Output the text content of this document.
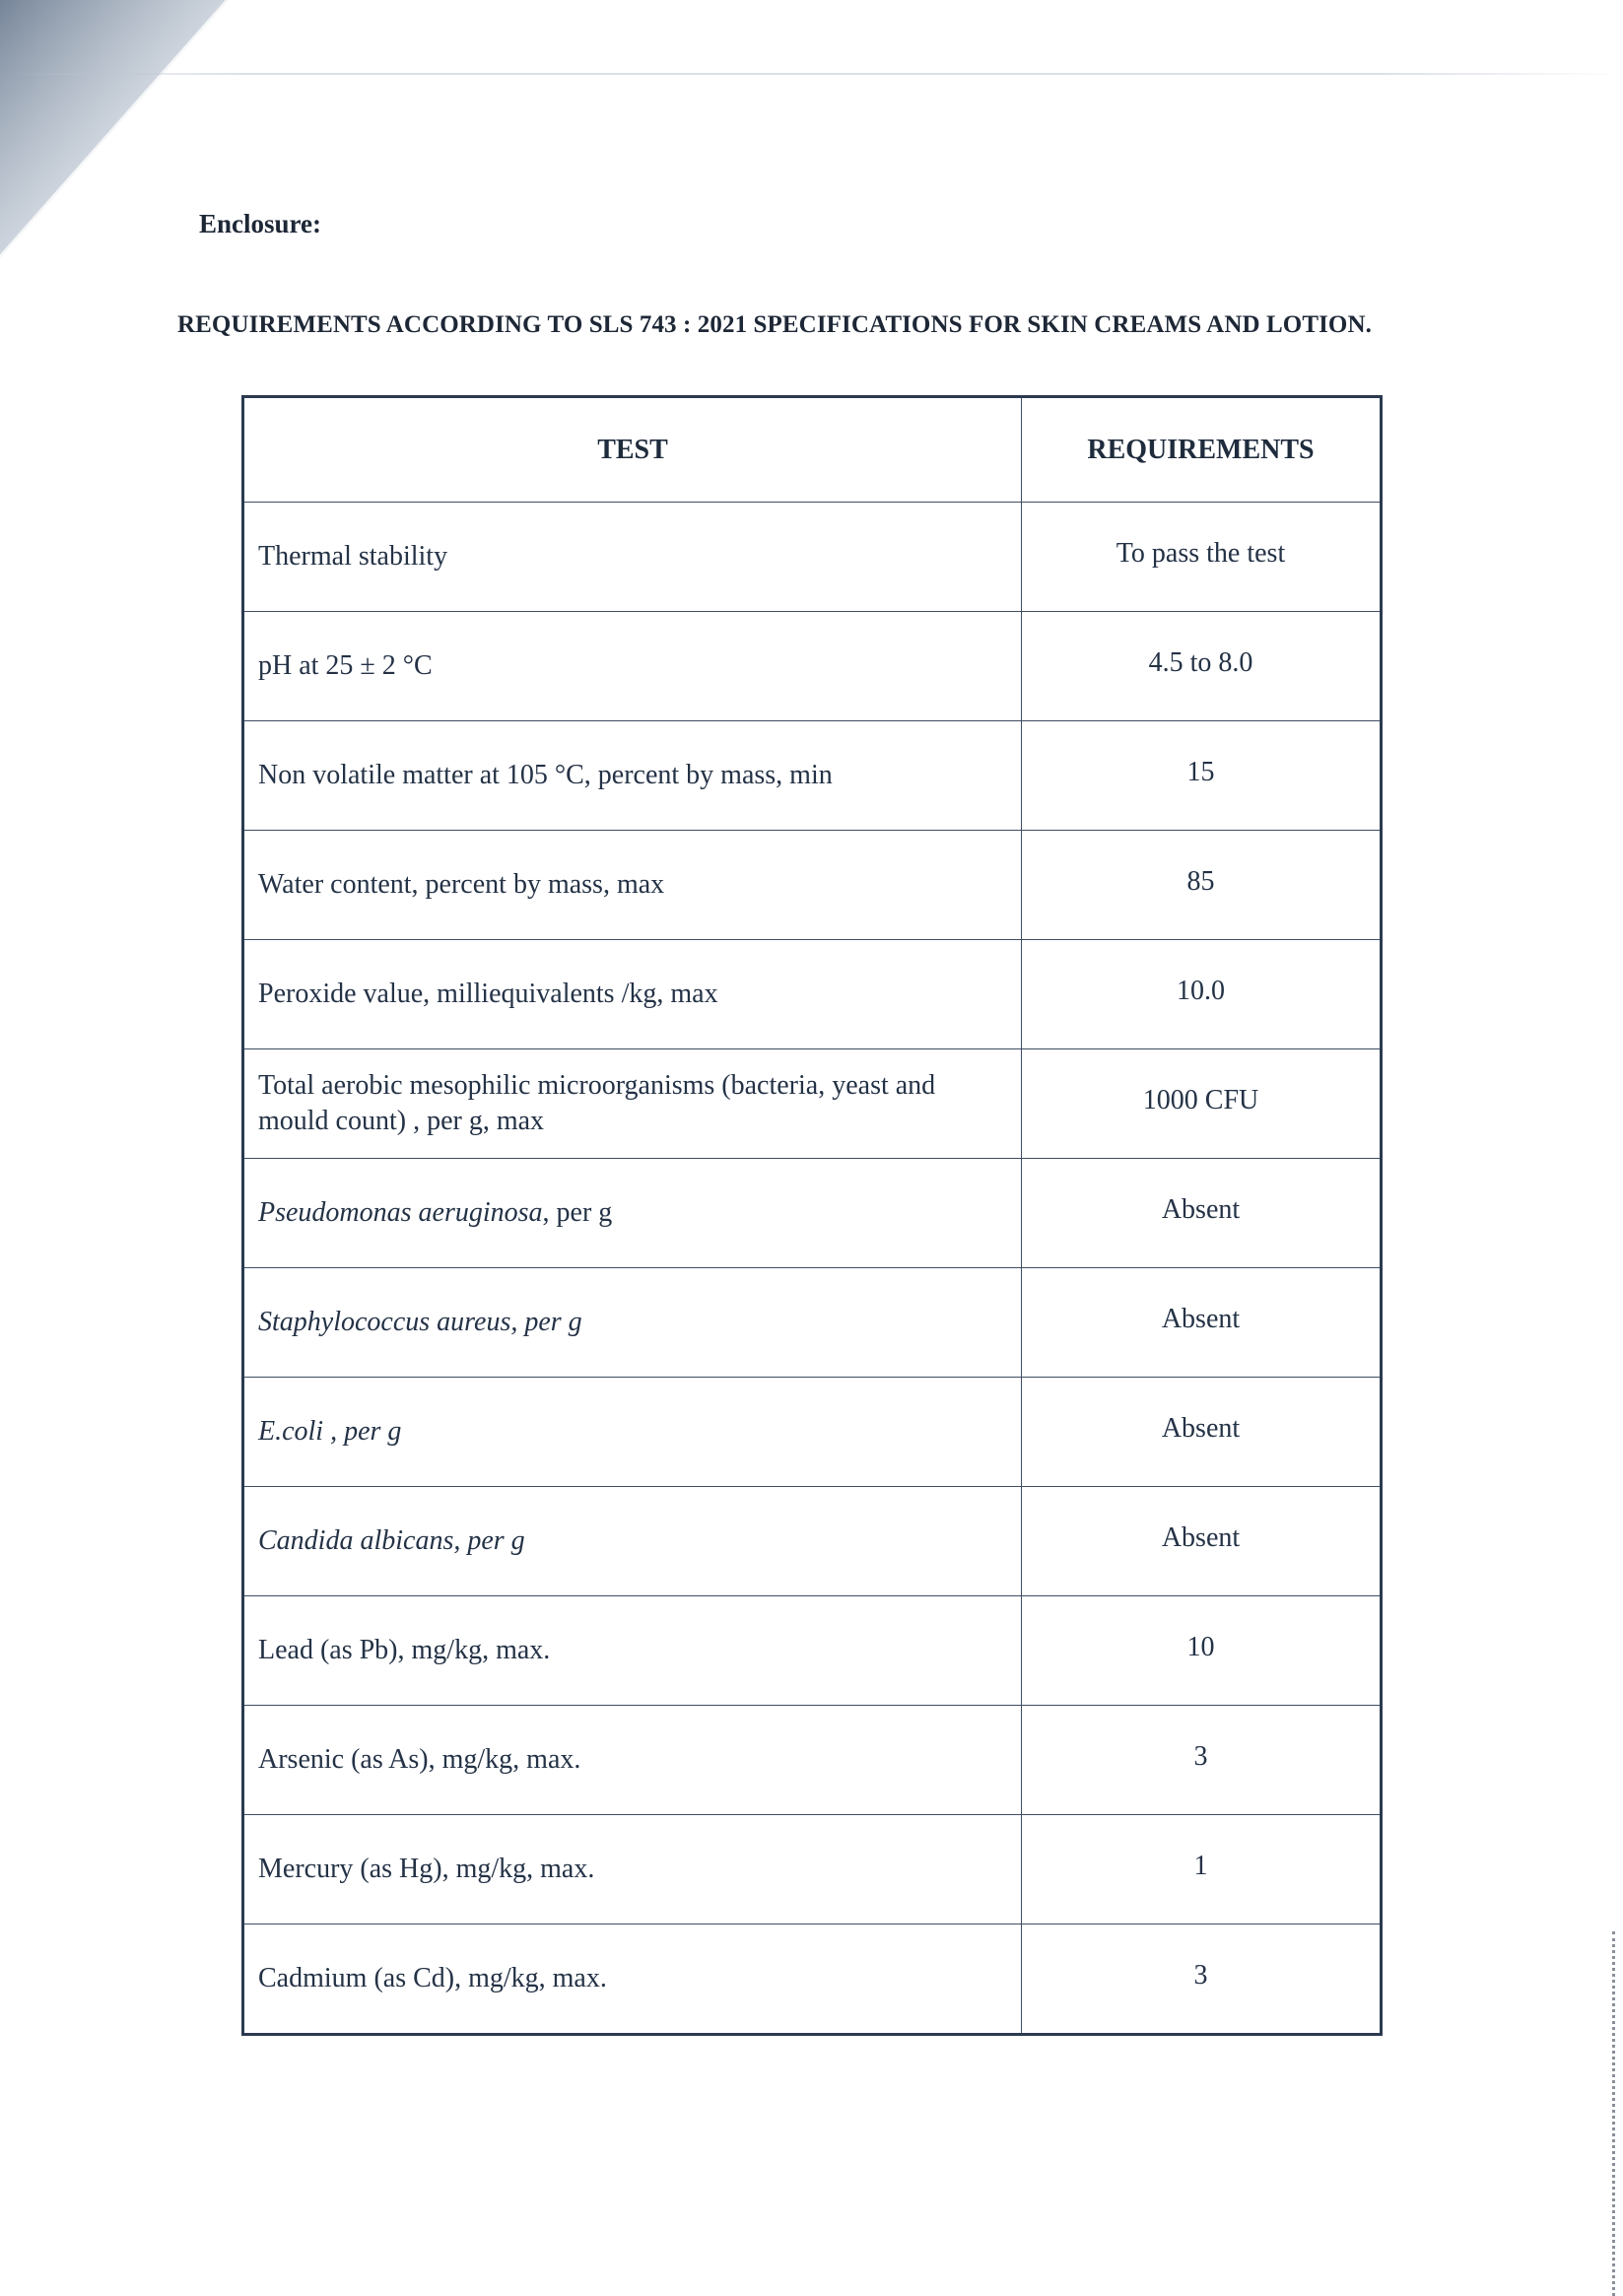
Enclosure:
REQUIREMENTS ACCORDING TO SLS 743 : 2021 SPECIFICATIONS FOR SKIN CREAMS AND LOTION.
TEST	REQUIREMENTS
Thermal stability	To pass the test
pH at 25 ± 2 °C	4.5 to 8.0
Non volatile matter at 105 °C, percent by mass, min	15
Water content, percent by mass, max	85
Peroxide value, milliequivalents /kg, max	10.0
Total aerobic mesophilic microorganisms (bacteria, yeast and mould count) , per g, max	1000 CFU
Pseudomonas aeruginosa, per g	Absent
Staphylococcus aureus, per g	Absent
E.coli , per g	Absent
Candida albicans, per g	Absent
Lead (as Pb), mg/kg, max.	10
Arsenic (as As), mg/kg, max.	3
Mercury (as Hg), mg/kg, max.	1
Cadmium (as Cd), mg/kg, max.	3
